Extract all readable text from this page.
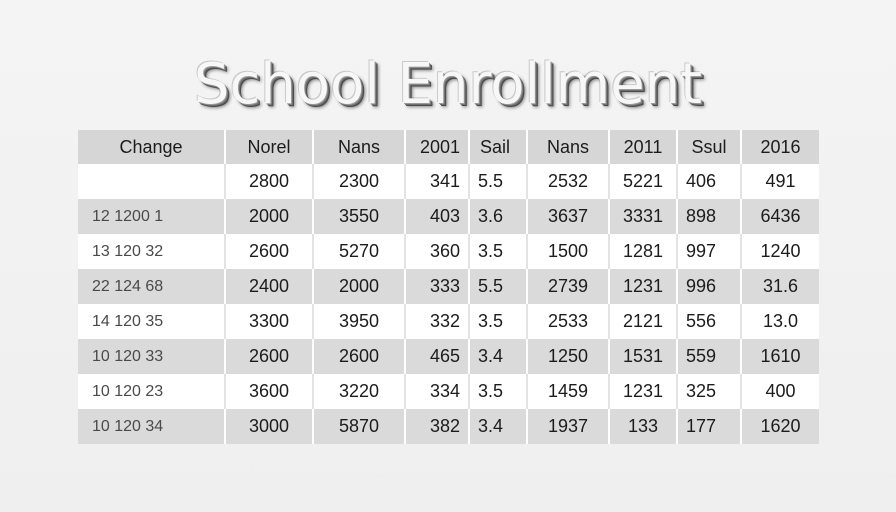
School Enrollment
Change	Norel	Nans	2001	Sail	Nans	2011	Ssul	2016
	2800	2300	341	5.5	2532	5221	406	491
12 1200 1	2000	3550	403	3.6	3637	3331	898	6436
13 120 32	2600	5270	360	3.5	1500	1281	997	1240
22 124 68	2400	2000	333	5.5	2739	1231	996	31.6
14 120 35	3300	3950	332	3.5	2533	2121	556	13.0
10 120 33	2600	2600	465	3.4	1250	1531	559	1610
10 120 23	3600	3220	334	3.5	1459	1231	325	400
10 120 34	3000	5870	382	3.4	1937	133	177	1620
